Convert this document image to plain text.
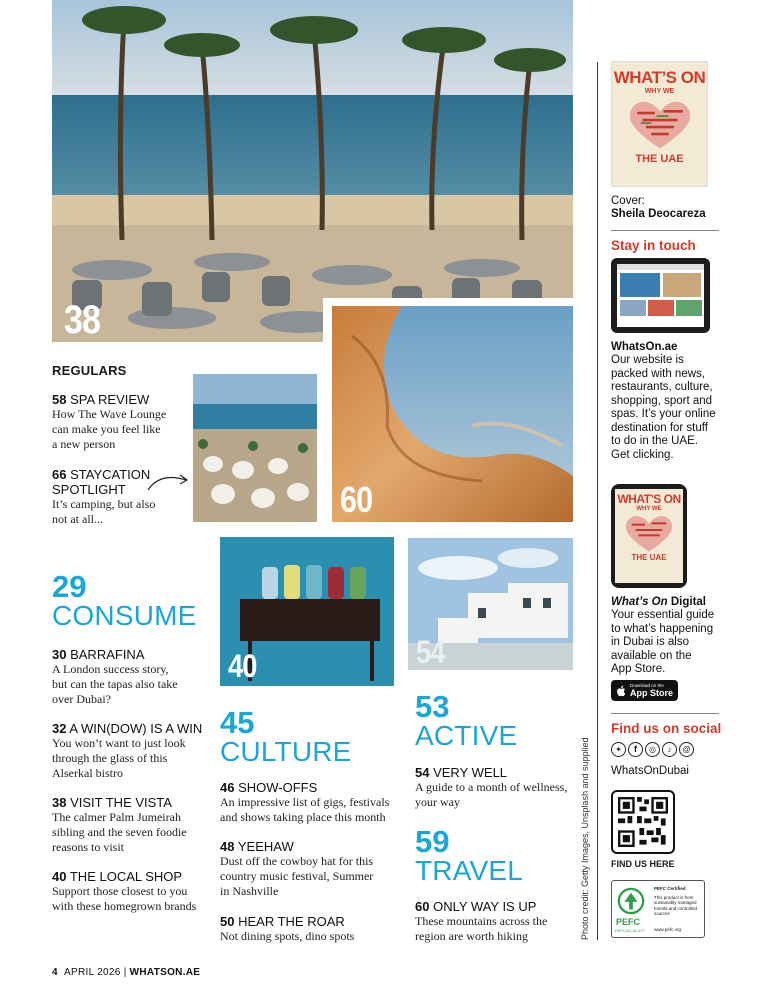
38
60
40	54
REGULARS
58 SPA REVIEW
How The Wave Lounge
can make you feel like
a new person
66 STAYCATION
SPOTLIGHT
It’s camping, but also
not at all...
29
CONSUME
30 BARRAFINA
A London success story,
but can the tapas also take
over Dubai?
32 A WIN(DOW) IS A WIN
You won’t want to just look
through the glass of this
Alserkal bistro
38 VISIT THE VISTA
The calmer Palm Jumeirah
sibling and the seven foodie
reasons to visit
40 THE LOCAL SHOP
Support those closest to you
with these homegrown brands
45
CULTURE
46 SHOW-OFFS
An impressive list of gigs, festivals
and shows taking place this month
48 YEEHAW
Dust off the cowboy hat for this
country music festival, Summer
in Nashville
50 HEAR THE ROAR
Not dining spots, dino spots
53
ACTIVE
54 VERY WELL
A guide to a month of wellness,
your way
59
TRAVEL
60 ONLY WAY IS UP
These mountains across the
region are worth hiking	Photo credit: Getty Images, Unsplash and supplied
WHAT’S ON
WHY WE
THE UAE
Cover:
Sheila Deocareza
Stay in touch
WhatsOn.ae
Our website is
packed with news,
restaurants, culture,
shopping, sport and
spas. It’s your online
destination for stuff
to do in the UAE.
Get clicking.
WHAT’S ON
WHY WE
THE UAE
What’s On Digital
Your essential guide
to what’s happening
in Dubai is also
available on the
App Store.
Download on the
App Store
Find us on social
✦	f	◎	♪	@
WhatsOnDubai
FIND US HERE
PEFC
PEFC/01-31-477
PEFC Certified
This product is from
sustainably managed
forests and controlled
sources
www.pefc.org
4 APRIL 2026 | WHATSON.AE
